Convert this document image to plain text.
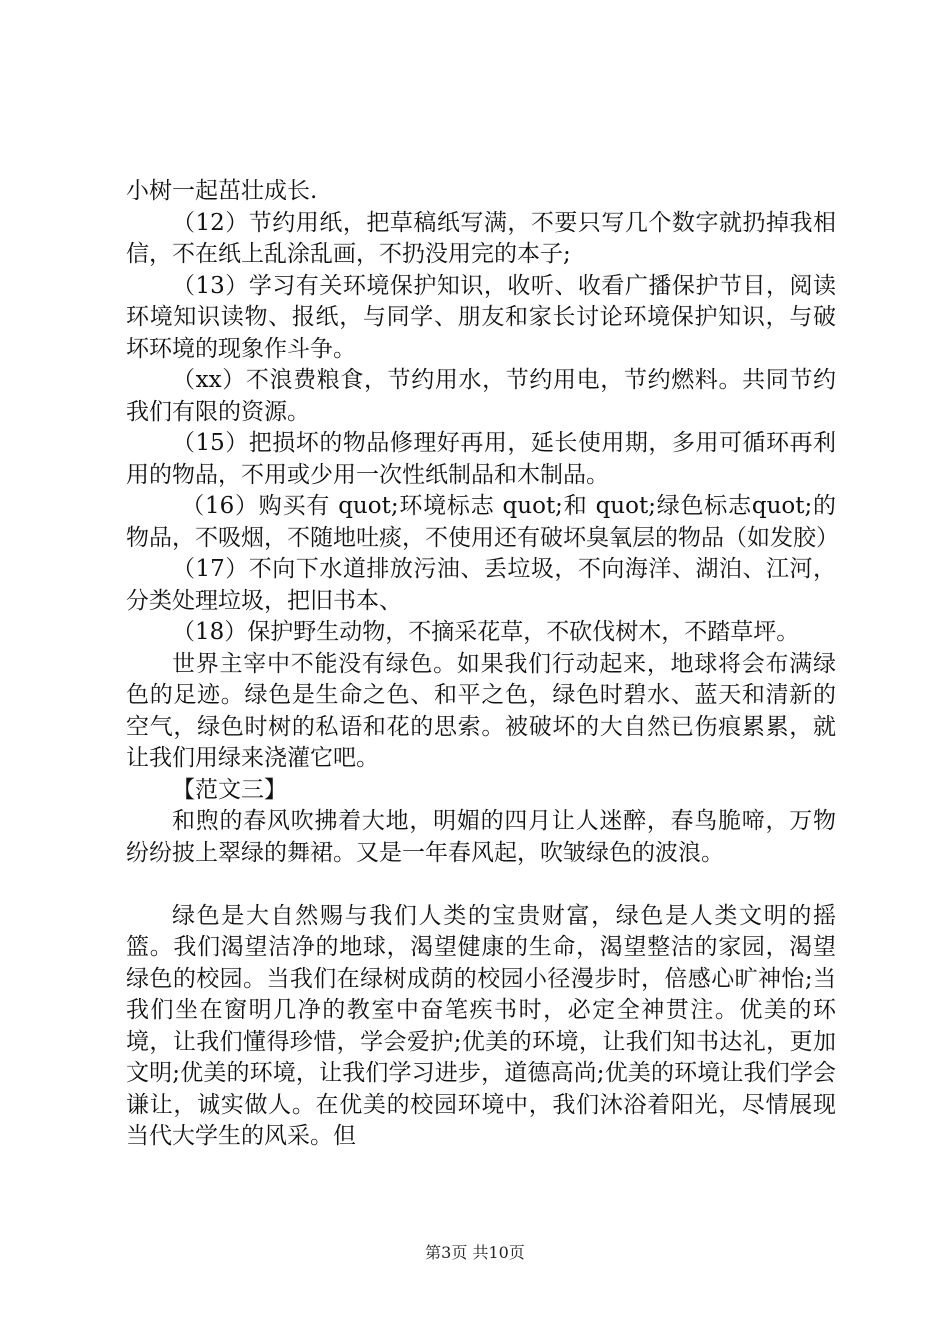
小树一起茁壮成长.

（12）节约用纸，把草稿纸写满，不要只写几个数字就扔掉我相信，不在纸上乱涂乱画，不扔没用完的本子;

（13）学习有关环境保护知识，收听、收看广播保护节目，阅读环境知识读物、报纸，与同学、朋友和家长讨论环境保护知识，与破坏环境的现象作斗争。

（xx）不浪费粮食，节约用水，节约用电，节约燃料。共同节约我们有限的资源。

（15）把损坏的物品修理好再用，延长使用期，多用可循环再利用的物品，不用或少用一次性纸制品和木制品。

（16）购买有 quot;环境标志 quot;和 quot;绿色标志quot;的物品，不吸烟，不随地吐痰，不使用还有破坏臭氧层的物品（如发胶）

（17）不向下水道排放污油、丢垃圾，不向海洋、湖泊、江河，分类处理垃圾，把旧书本、

（18）保护野生动物，不摘采花草，不砍伐树木，不踏草坪。

世界主宰中不能没有绿色。如果我们行动起来，地球将会布满绿色的足迹。绿色是生命之色、和平之色，绿色时碧水、蓝天和清新的空气，绿色时树的私语和花的思索。被破坏的大自然已伤痕累累，就让我们用绿来浇灌它吧。

【范文三】

和煦的春风吹拂着大地，明媚的四月让人迷醉，春鸟脆啼，万物纷纷披上翠绿的舞裙。又是一年春风起，吹皱绿色的波浪。

绿色是大自然赐与我们人类的宝贵财富，绿色是人类文明的摇篮。我们渴望洁净的地球，渴望健康的生命，渴望整洁的家园，渴望绿色的校园。当我们在绿树成荫的校园小径漫步时，倍感心旷神怡;当我们坐在窗明几净的教室中奋笔疾书时，必定全神贯注。优美的环境，让我们懂得珍惜，学会爱护;优美的环境，让我们知书达礼，更加文明;优美的环境，让我们学习进步，道德高尚;优美的环境让我们学会谦让，诚实做人。在优美的校园环境中，我们沐浴着阳光，尽情展现当代大学生的风采。但

第3页 共10页
